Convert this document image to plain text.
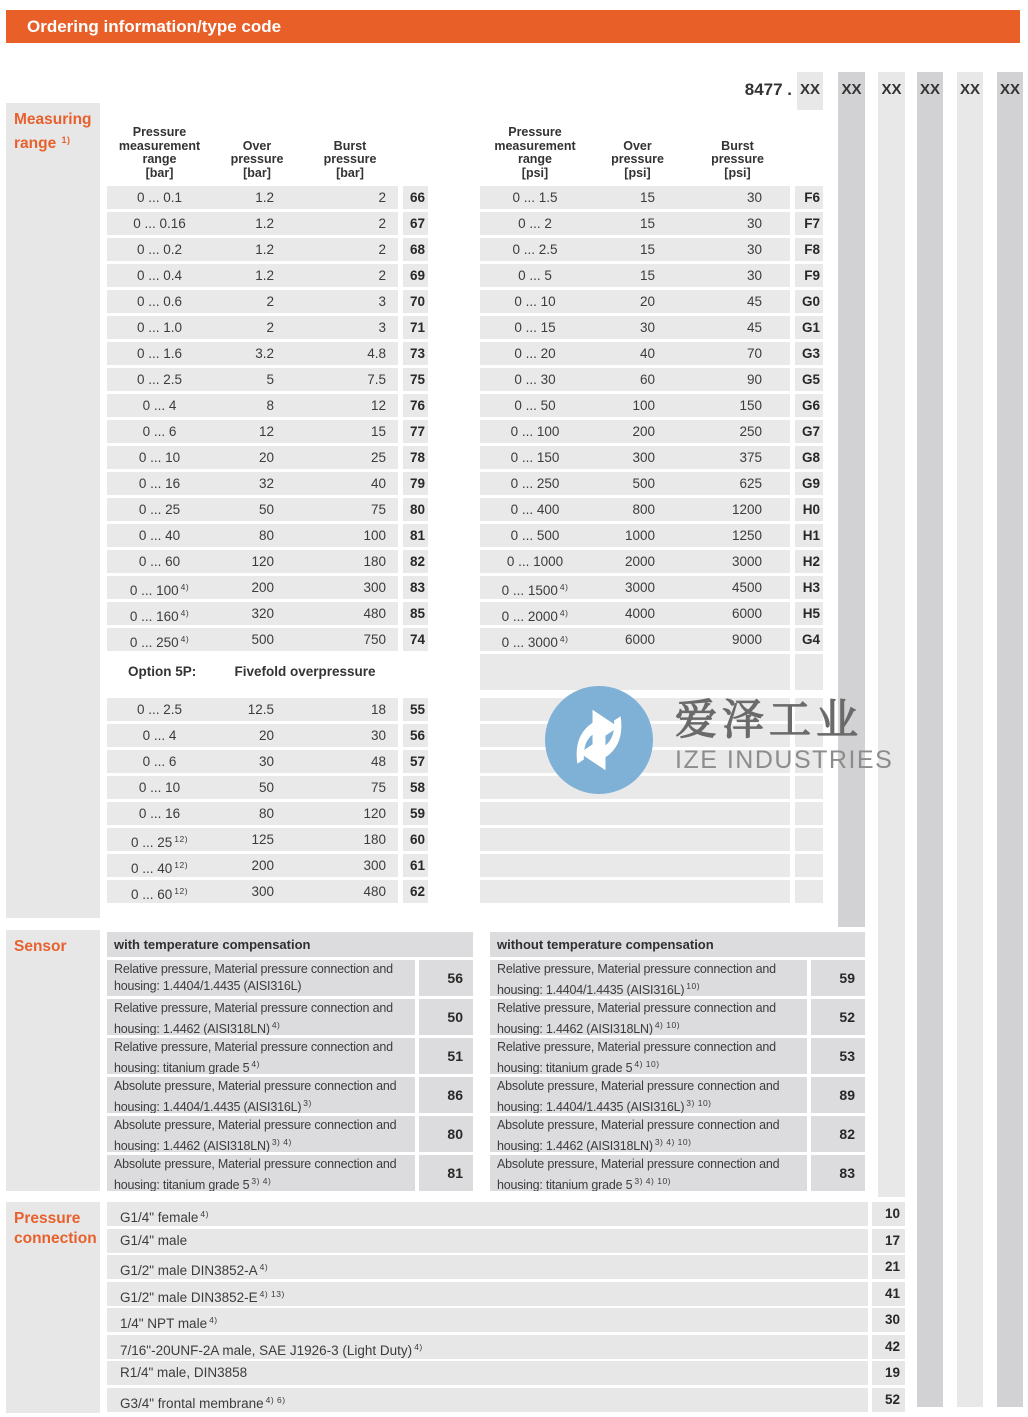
Ordering information/type code
8477 . XX XX XX XX XX XX
Measuring
range $^{1)}$
Sensor
Pressure
connection
Pressure
measurement
range
[bar]
Over
pressure
[bar]
Burst
pressure
[bar]
0 ... 0.1	1.2	2	66
0 ... 0.16	1.2	2	67
0 ... 0.2	1.2	2	68
0 ... 0.4	1.2	2	69
0 ... 0.6	2	3	70
0 ... 1.0	2	3	71
0 ... 1.6	3.2	4.8	73
0 ... 2.5	5	7.5	75
0 ... 4	8	12	76
0 ... 6	12	15	77
0 ... 10	20	25	78
0 ... 16	32	40	79
0 ... 25	50	75	80
0 ... 40	80	100	81
0 ... 60	120	180	82
0 ... 100 $^{4)}$	200	300	83
0 ... 160 $^{4)}$	320	480	85
0 ... 250 $^{4)}$	500	750	74
Option 5P:	Fivefold overpressure
0 ... 2.5	12.5	18	55
0 ... 4	20	30	56
0 ... 6	30	48	57
0 ... 10	50	75	58
0 ... 16	80	120	59
0 ... 25 $^{12)}$	125	180	60
0 ... 40 $^{12)}$	200	300	61
0 ... 60 $^{12)}$	300	480	62
Pressure
measurement
range
[psi]
Over
pressure
[psi]
Burst
pressure
[psi]
0 ... 1.5	15	30	F6
0 ... 2	15	30	F7
0 ... 2.5	15	30	F8
0 ... 5	15	30	F9
0 ... 10	20	45	G0
0 ... 15	30	45	G1
0 ... 20	40	70	G3
0 ... 30	60	90	G5
0 ... 50	100	150	G6
0 ... 100	200	250	G7
0 ... 150	300	375	G8
0 ... 250	500	625	G9
0 ... 400	800	1200	H0
0 ... 500	1000	1250	H1
0 ... 1000	2000	3000	H2
0 ... 1500 $^{4)}$	3000	4500	H3
0 ... 2000 $^{4)}$	4000	6000	H5
0 ... 3000 $^{4)}$	6000	9000	G4
with temperature compensation
Relative pressure, Material pressure connection and
housing: 1.4404/1.4435 (AISI316L)	56
Relative pressure, Material pressure connection and
housing: 1.4462 (AISI318LN) $^{4)}$	50
Relative pressure, Material pressure connection and
housing: titanium grade 5 $^{4)}$	51
Absolute pressure, Material pressure connection and
housing: 1.4404/1.4435 (AISI316L) $^{3)}$	86
Absolute pressure, Material pressure connection and
housing: 1.4462 (AISI318LN) $^{3) 4)}$	80
Absolute pressure, Material pressure connection and
housing: titanium grade 5 $^{3) 4)}$	81
without temperature compensation
Relative pressure, Material pressure connection and
housing: 1.4404/1.4435 (AISI316L) $^{10)}$	59
Relative pressure, Material pressure connection and
housing: 1.4462 (AISI318LN) $^{4) 10)}$	52
Relative pressure, Material pressure connection and
housing: titanium grade 5 $^{4) 10)}$	53
Absolute pressure, Material pressure connection and
housing: 1.4404/1.4435 (AISI316L) $^{3) 10)}$	89
Absolute pressure, Material pressure connection and
housing: 1.4462 (AISI318LN) $^{3) 4) 10)}$	82
Absolute pressure, Material pressure connection and
housing: titanium grade 5 $^{3) 4) 10)}$	83
G1/4" female $^{4)}$	10
G1/4" male	17
G1/2" male DIN3852-A $^{4)}$	21
G1/2" male DIN3852-E $^{4) 13)}$	41
1/4" NPT male $^{4)}$	30
7/16"-20UNF-2A male, SAE J1926-3 (Light Duty) $^{4)}$	42
R1/4" male, DIN3858	19
G3/4" frontal membrane $^{4) 6)}$	52
爱泽工业
IZE INDUSTRIES
